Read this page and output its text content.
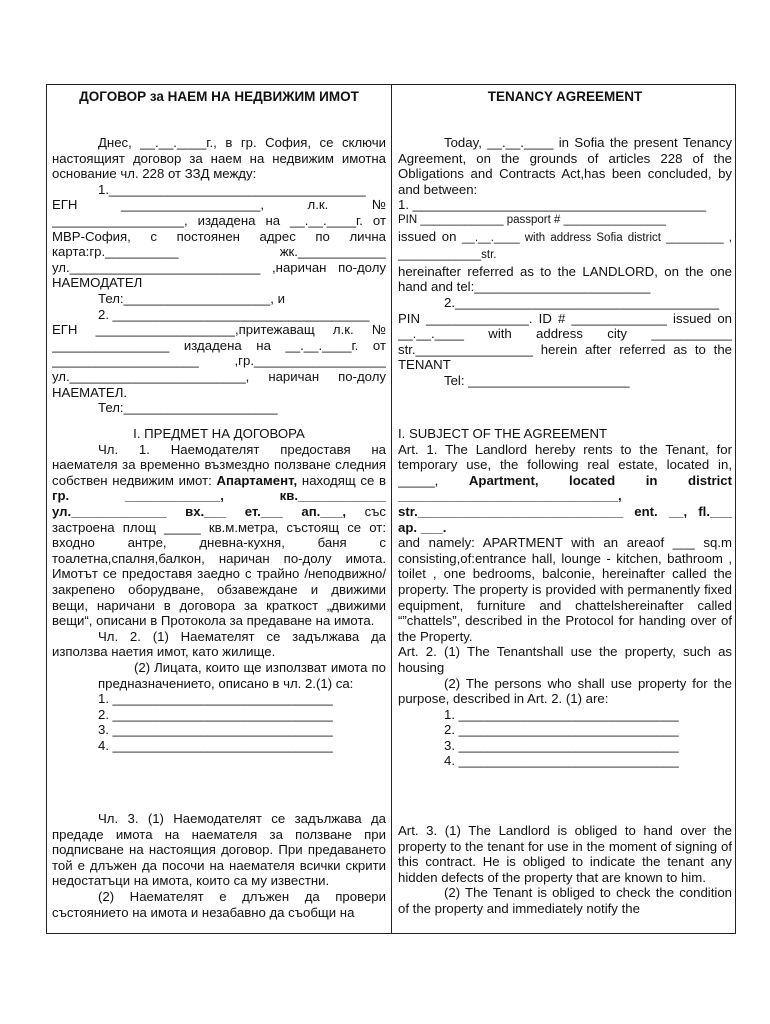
ДОГОВОР за НАЕМ НА НЕДВИЖИМ ИМОТ

Днес, __.__.____г., в гр. София, се сключи настоящият договор за наем на недвижим имотна основание чл. 228 от ЗЗД между:

1.___________________________________

ЕГН ___________________, л.к. № __________________, издадена на __.__.____г. от МВР-София, с постоянен адрес по лична карта:гр.__________ жк.____________ ул.__________________________ ,наричан по-долу НАЕМОДАТЕЛ

Тел:____________________, и

2. ___________________________________

ЕГН ___________________,притежаващ л.к. № ________________ издадена на __.__.____г. от ____________________ ,гр.__________________ ул.________________________, наричан по-долу НАЕМАТЕЛ.

Тел:_____________________

I. ПРЕДМЕТ НА ДОГОВОРА

Чл. 1. Наемодателят предоставя на наемателя за временно възмездно ползване следния собствен недвижим имот: Апартамент, находящ се в гр. _____________, кв.____________ ул._____________ вх.___ ет.___ ап.___, със застроена площ _____ кв.м.метра, състоящ се от: входно антре, дневна-кухня, баня с тоалетна,спалня,балкон, наричан по-долу имота. Имотът се предоставя заедно с трайно /неподвижно/ закрепено оборудване, обзавеждане и движими вещи, наричани в договора за краткост „движими вещи“, описани в Протокола за предаване на имота.

Чл. 2. (1) Наемателят се задължава да използва наетия имот, като жилище.

(2) Лицата, които ще използват имота по предназначението, описано в чл. 2.(1) са:

1. ______________________________

2. ______________________________

3. ______________________________

4. ______________________________

Чл. 3. (1) Наемодателят се задължава да предаде имота на наемателя за ползване при подписване на настоящия договор. При предаването той е длъжен да посочи на наемателя всички скрити недостатъци на имота, които са му известни.

(2) Наемателят е длъжен да провери състоянието на имота и незабавно да съобщи на

TENANCY AGREEMENT

Today, __.__.____ in Sofia the present Tenancy Agreement, on the grounds of articles 228 of the Obligations and Contracts Act,has been concluded, by and between:

1. ________________________________________

PIN _____________ passport # ________________

issued on __.__.____ with address Sofia district _________ , _____________str.

hereinafter referred as to the LANDLORD, on the one hand and tel:________________________

2.____________________________________

PIN ______________. ID # _____________ issued on __.__.____ with address city ___________ str.________________ herein after referred as to the TENANT

Tel: ______________________

I. SUBJECT OF THE AGREEMENT

Art. 1. The Landlord hereby rents to the Tenant, for temporary use, the following real estate, located in, _____, Apartment, located in district ______________________________, str.____________________________ ent. __, fl.___ ap. ___.

and namely: APARTMENT with an areaof ___ sq.m consisting,of:entrance hall, lounge - kitchen, bathroom , toilet , one bedrooms, balconie, hereinafter called the property. The property is provided with permanently fixed equipment, furniture and chattelshereinafter called “”chattels”, described in the Protocol for handing over of the Property.

Art. 2. (1) The Tenantshall use the property, such as housing

(2) The persons who shall use property for the purpose, described in Art. 2. (1) are:

1. ______________________________

2. ______________________________

3. ______________________________

4. ______________________________

Art. 3. (1) The Landlord is obliged to hand over the property to the tenant for use in the moment of signing of this contract. He is obliged to indicate the tenant any hidden defects of the property that are known to him.

(2) The Tenant is obliged to check the condition of the property and immediately notify the
